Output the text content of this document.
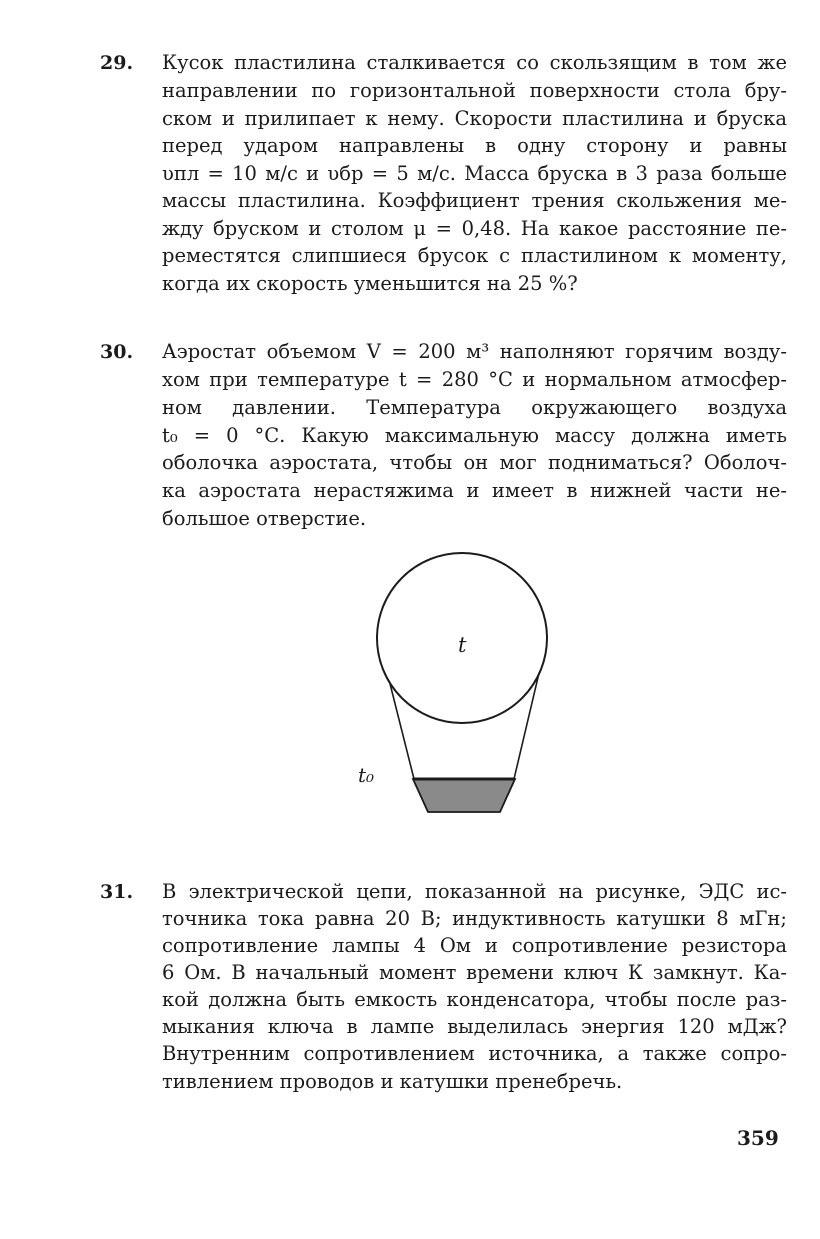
29. Кусок пластилина сталкивается со скользящим в том же
направлении по горизонтальной поверхности стола бру-
ском и прилипает к нему. Скорости пластилина и бруска
перед ударом направлены в одну сторону и равны
υпл = 10 м/с и υбр = 5 м/с. Масса бруска в 3 раза больше
массы пластилина. Коэффициент трения скольжения ме-
жду бруском и столом μ = 0,48. На какое расстояние пе-
реместятся слипшиеся брусок с пластилином к моменту,
когда их скорость уменьшится на 25 %?
30. Аэростат объемом V = 200 м³ наполняют горячим возду-
хом при температуре t = 280 °С и нормальном атмосфер-
ном давлении. Температура окружающего воздуха
t₀ = 0 °С. Какую максимальную массу должна иметь
оболочка аэростата, чтобы он мог подниматься? Оболоч-
ка аэростата нерастяжима и имеет в нижней части не-
большое отверстие.
t
t₀
31. В электрической цепи, показанной на рисунке, ЭДС ис-
точника тока равна 20 В; индуктивность катушки 8 мГн;
сопротивление лампы 4 Ом и сопротивление резистора
6 Ом. В начальный момент времени ключ К замкнут. Ка-
кой должна быть емкость конденсатора, чтобы после раз-
мыкания ключа в лампе выделилась энергия 120 мДж?
Внутренним сопротивлением источника, а также сопро-
тивлением проводов и катушки пренебречь.
359
